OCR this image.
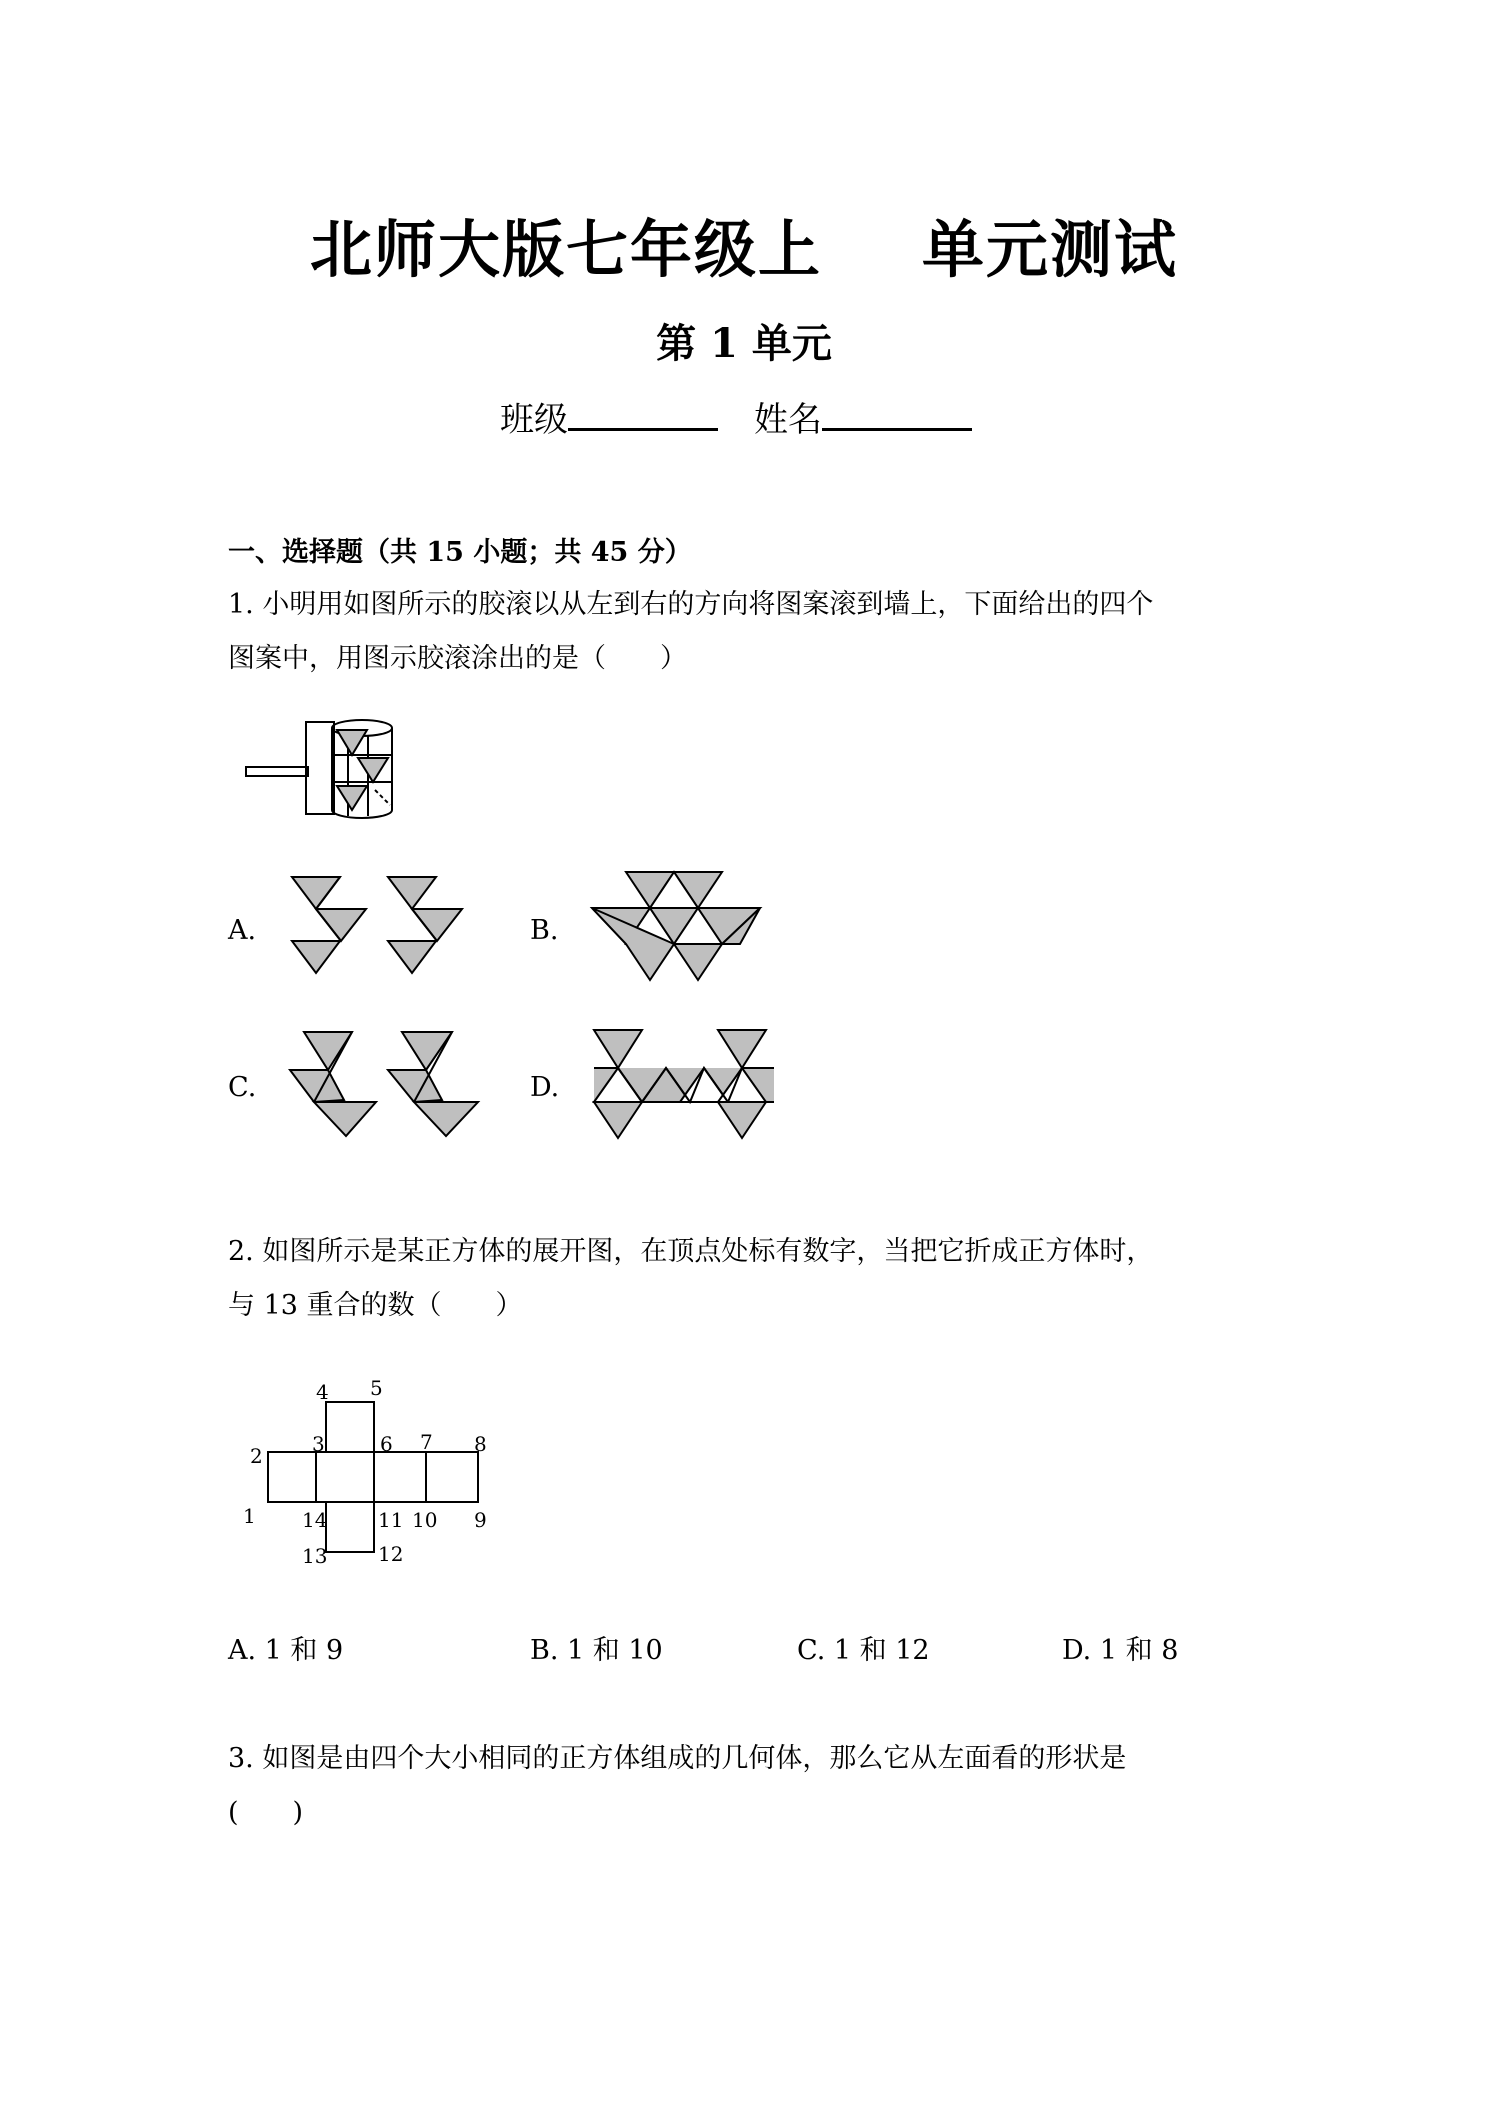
北师大版七年级上 单元测试
第 1 单元
班级	姓名
一、选择题（共 15 小题；共 45 分）
1. 小明用如图所示的胶滚以从左到右的方向将图案滚到墙上，下面给出的四个
图案中，用图示胶滚涂出的是（　　）
A.	B.
C.	D.
2. 如图所示是某正方体的展开图，在顶点处标有数字，当把它折成正方体时，
与 13 重合的数（　　）
1
2 3
4 5
6 7 8
9
10
11
12
13
14
A. 1 和 9	B. 1 和 10	C. 1 和 12	D. 1 和 8
3. 如图是由四个大小相同的正方体组成的几何体，那么它从左面看的形状是
(　　)
